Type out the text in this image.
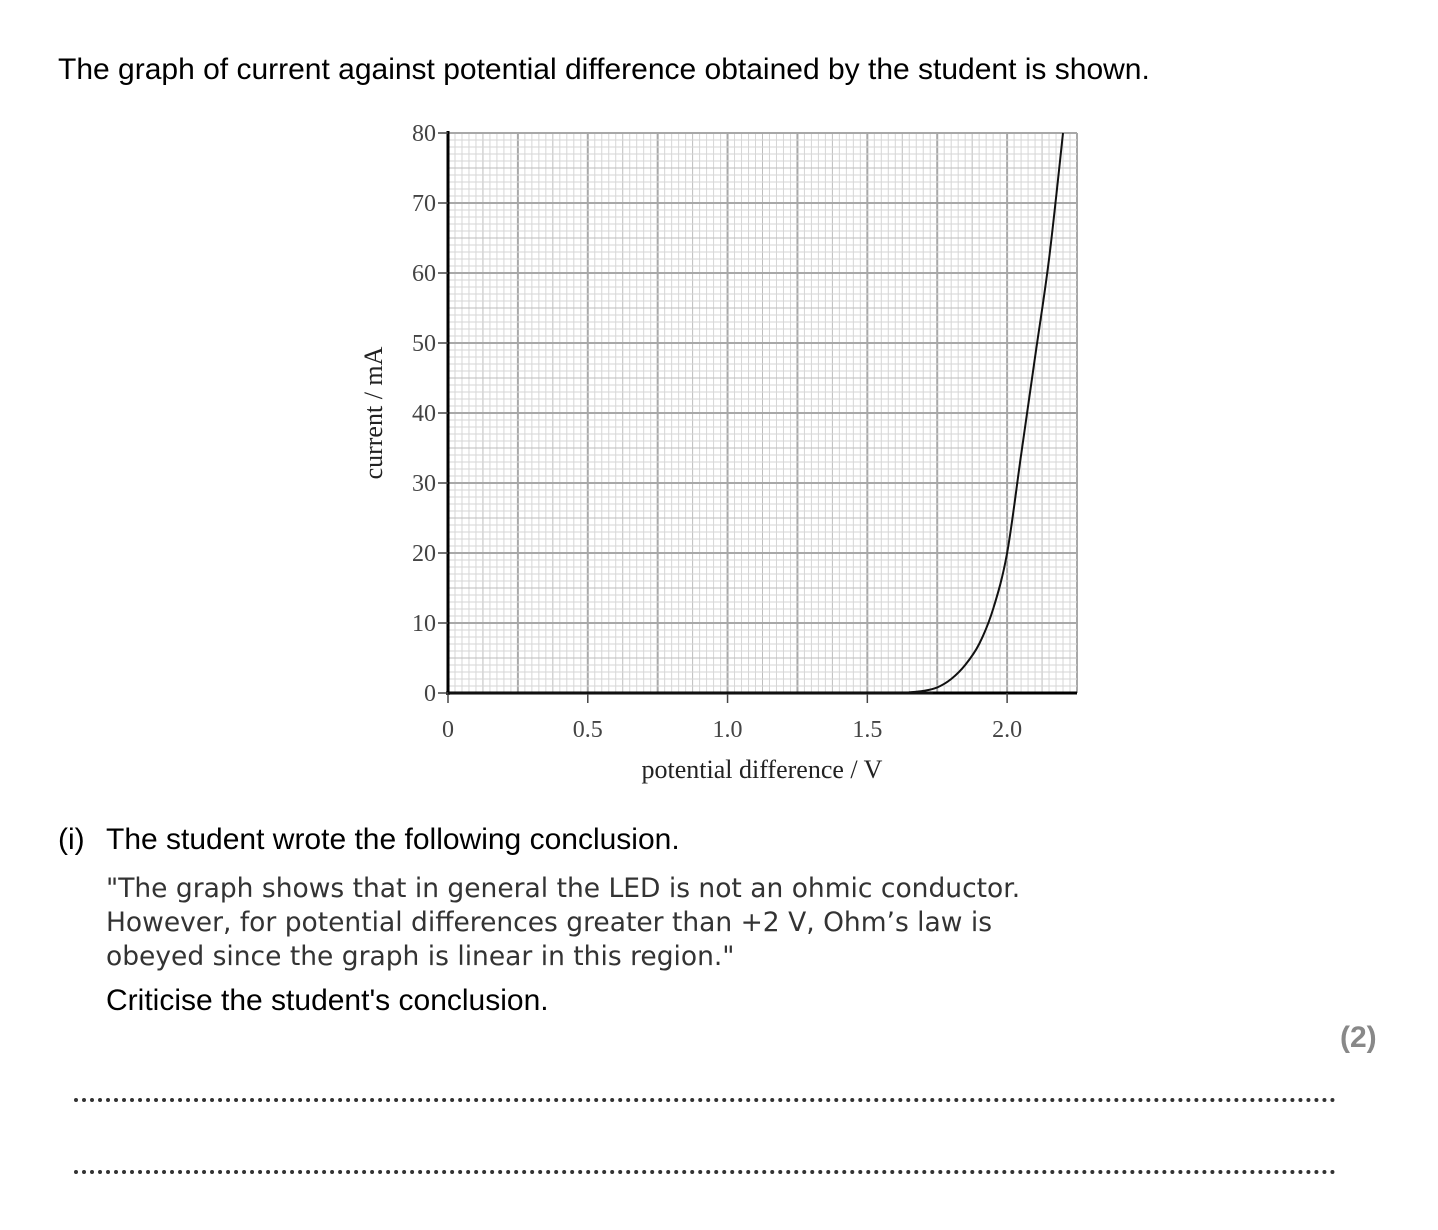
The graph of current against potential difference obtained by the student is shown.
0
10
20
30
40
50
60
70
80
0	0.5	1.0	1.5	2.0
potential difference / V
current / mA
(i) The student wrote the following conclusion.
"The graph shows that in general the LED is not an ohmic conductor.
However, for potential differences greater than +2 V, Ohm’s law is
obeyed since the graph is linear in this region."
Criticise the student's conclusion.
(2)
